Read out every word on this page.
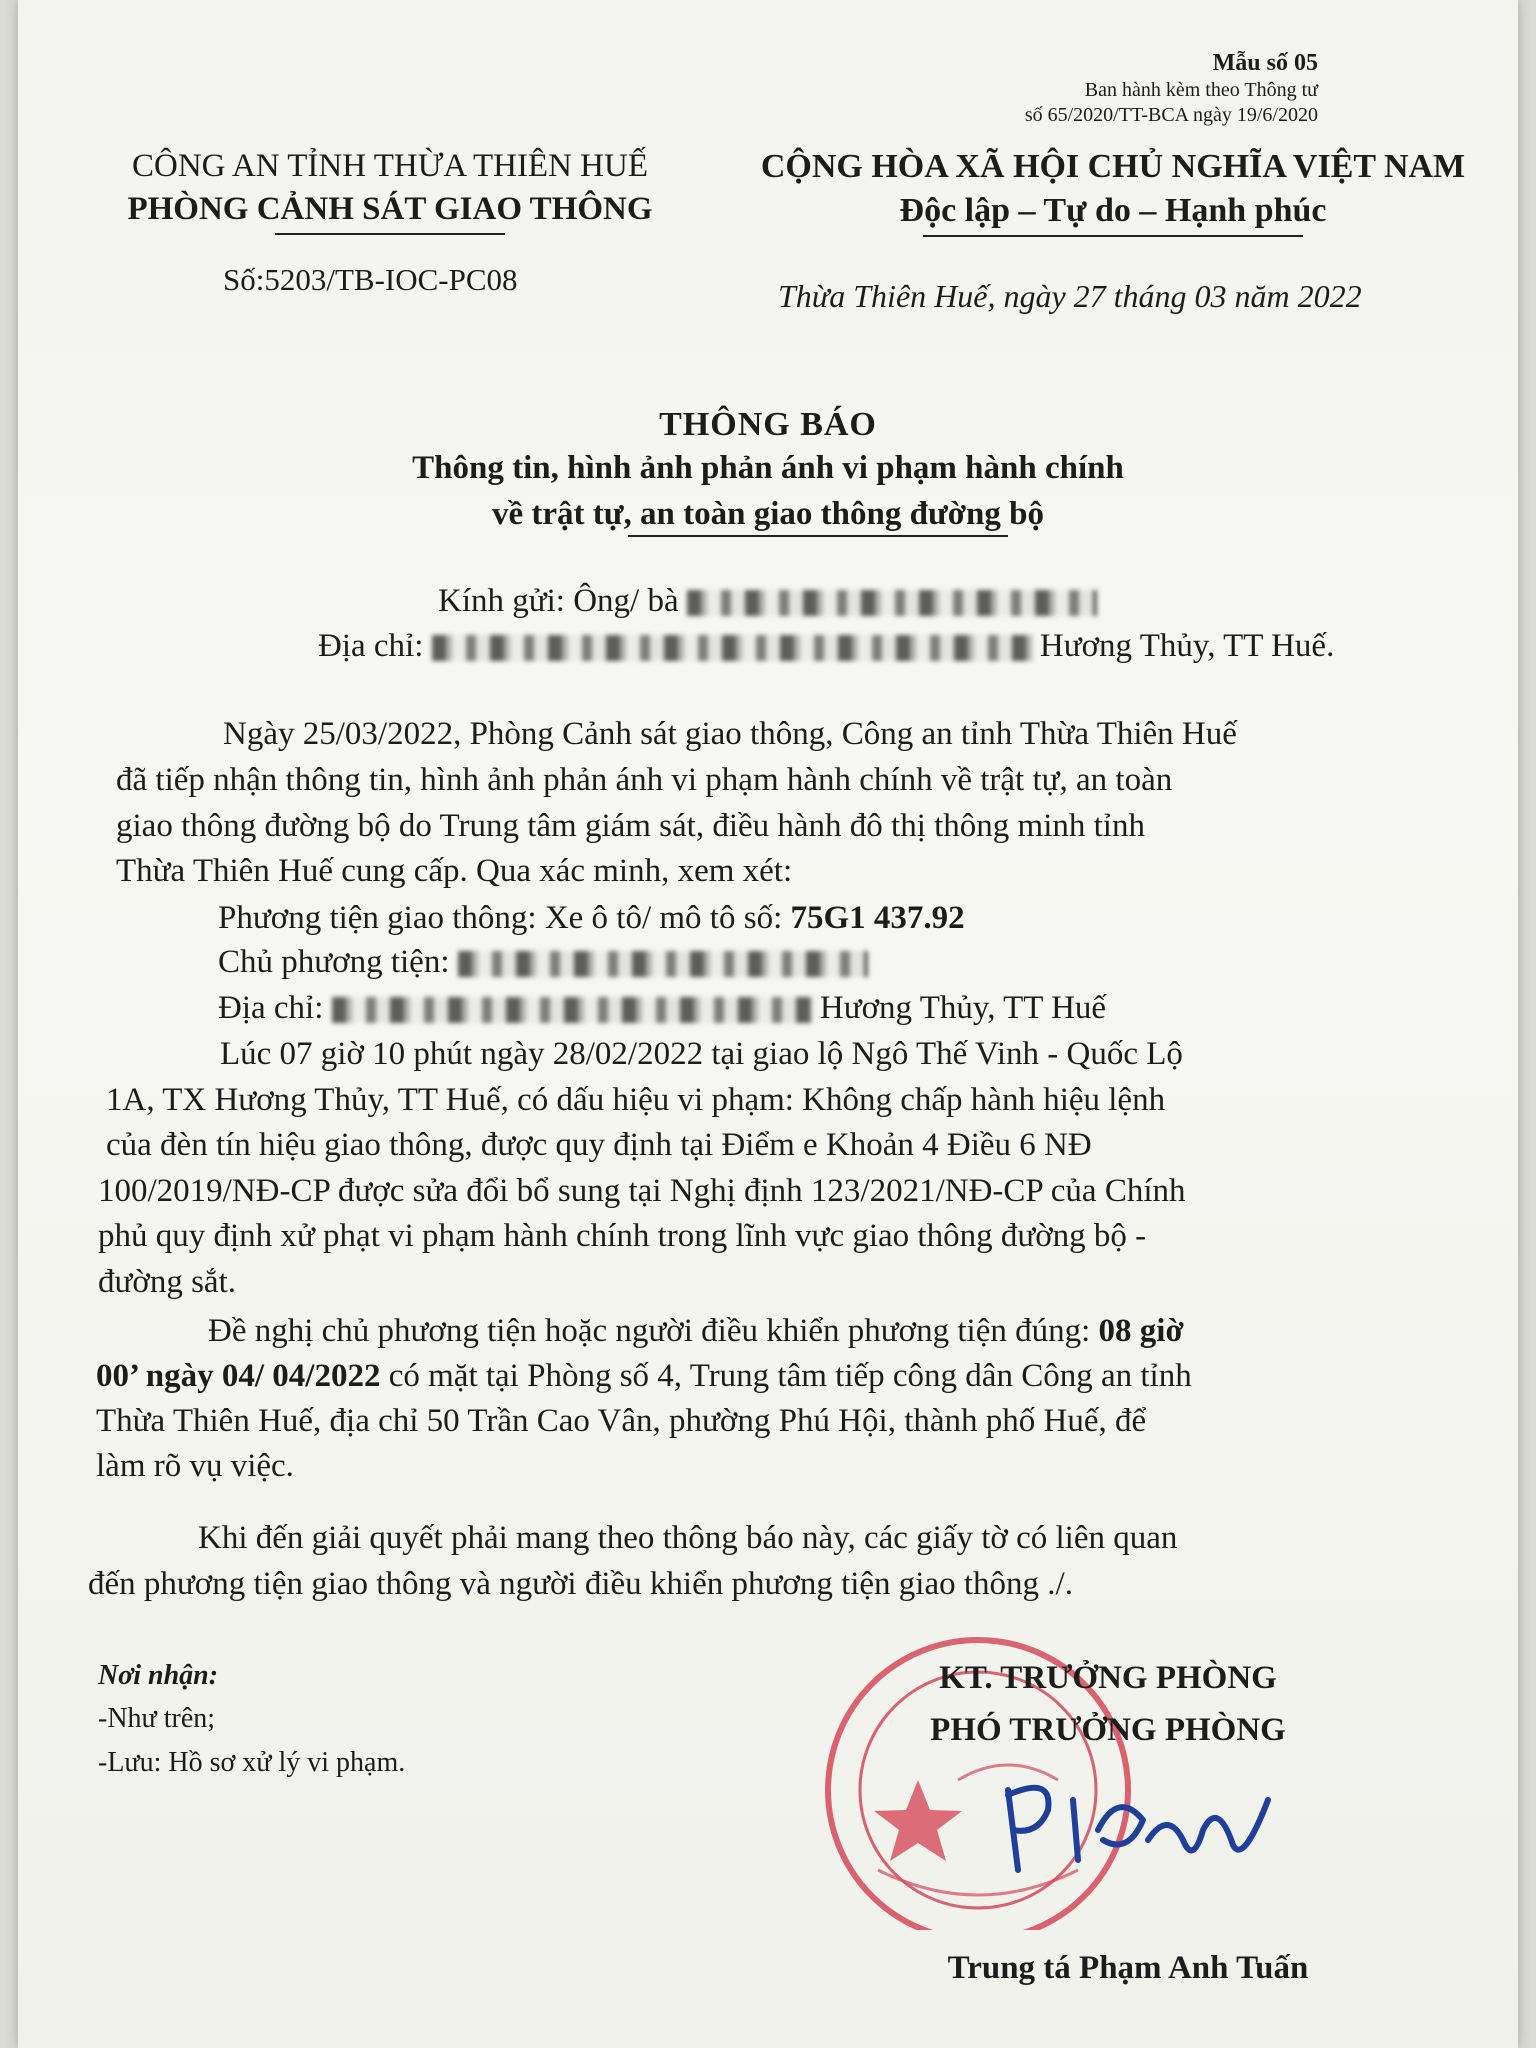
Mẫu số 05
Ban hành kèm theo Thông tư
số 65/2020/TT-BCA ngày 19/6/2020
CÔNG AN TỈNH THỪA THIÊN HUẾ
PHÒNG CẢNH SÁT GIAO THÔNG
CỘNG HÒA XÃ HỘI CHỦ NGHĨA VIỆT NAM
Độc lập – Tự do – Hạnh phúc
Số:5203/TB-IOC-PC08	Thừa Thiên Huế, ngày 27 tháng 03 năm 2022
THÔNG BÁO
Thông tin, hình ảnh phản ánh vi phạm hành chính
về trật tự, an toàn giao thông đường bộ
Kính gửi: Ông/ bà
Địa chỉ:	Hương Thủy, TT Huế.
Ngày 25/03/2022, Phòng Cảnh sát giao thông, Công an tỉnh Thừa Thiên Huế
đã tiếp nhận thông tin, hình ảnh phản ánh vi phạm hành chính về trật tự, an toàn
giao thông đường bộ do Trung tâm giám sát, điều hành đô thị thông minh tỉnh
Thừa Thiên Huế cung cấp. Qua xác minh, xem xét:
Phương tiện giao thông: Xe ô tô/ mô tô số: 75G1 437.92
Chủ phương tiện:
Địa chỉ:	Hương Thủy, TT Huế
Lúc 07 giờ 10 phút ngày 28/02/2022 tại giao lộ Ngô Thế Vinh - Quốc Lộ
1A, TX Hương Thủy, TT Huế, có dấu hiệu vi phạm: Không chấp hành hiệu lệnh
của đèn tín hiệu giao thông, được quy định tại Điểm e Khoản 4 Điều 6 NĐ
100/2019/NĐ-CP được sửa đổi bổ sung tại Nghị định 123/2021/NĐ-CP của Chính
phủ quy định xử phạt vi phạm hành chính trong lĩnh vực giao thông đường bộ -
đường sắt.
Đề nghị chủ phương tiện hoặc người điều khiển phương tiện đúng: 08 giờ
00’ ngày 04/ 04/2022 có mặt tại Phòng số 4, Trung tâm tiếp công dân Công an tỉnh
Thừa Thiên Huế, địa chỉ 50 Trần Cao Vân, phường Phú Hội, thành phố Huế, để
làm rõ vụ việc.
Khi đến giải quyết phải mang theo thông báo này, các giấy tờ có liên quan
đến phương tiện giao thông và người điều khiển phương tiện giao thông ./.
Nơi nhận:
-Như trên;
-Lưu: Hồ sơ xử lý vi phạm.
KT. TRƯỞNG PHÒNG
PHÓ TRƯỞNG PHÒNG
Trung tá Phạm Anh Tuấn
